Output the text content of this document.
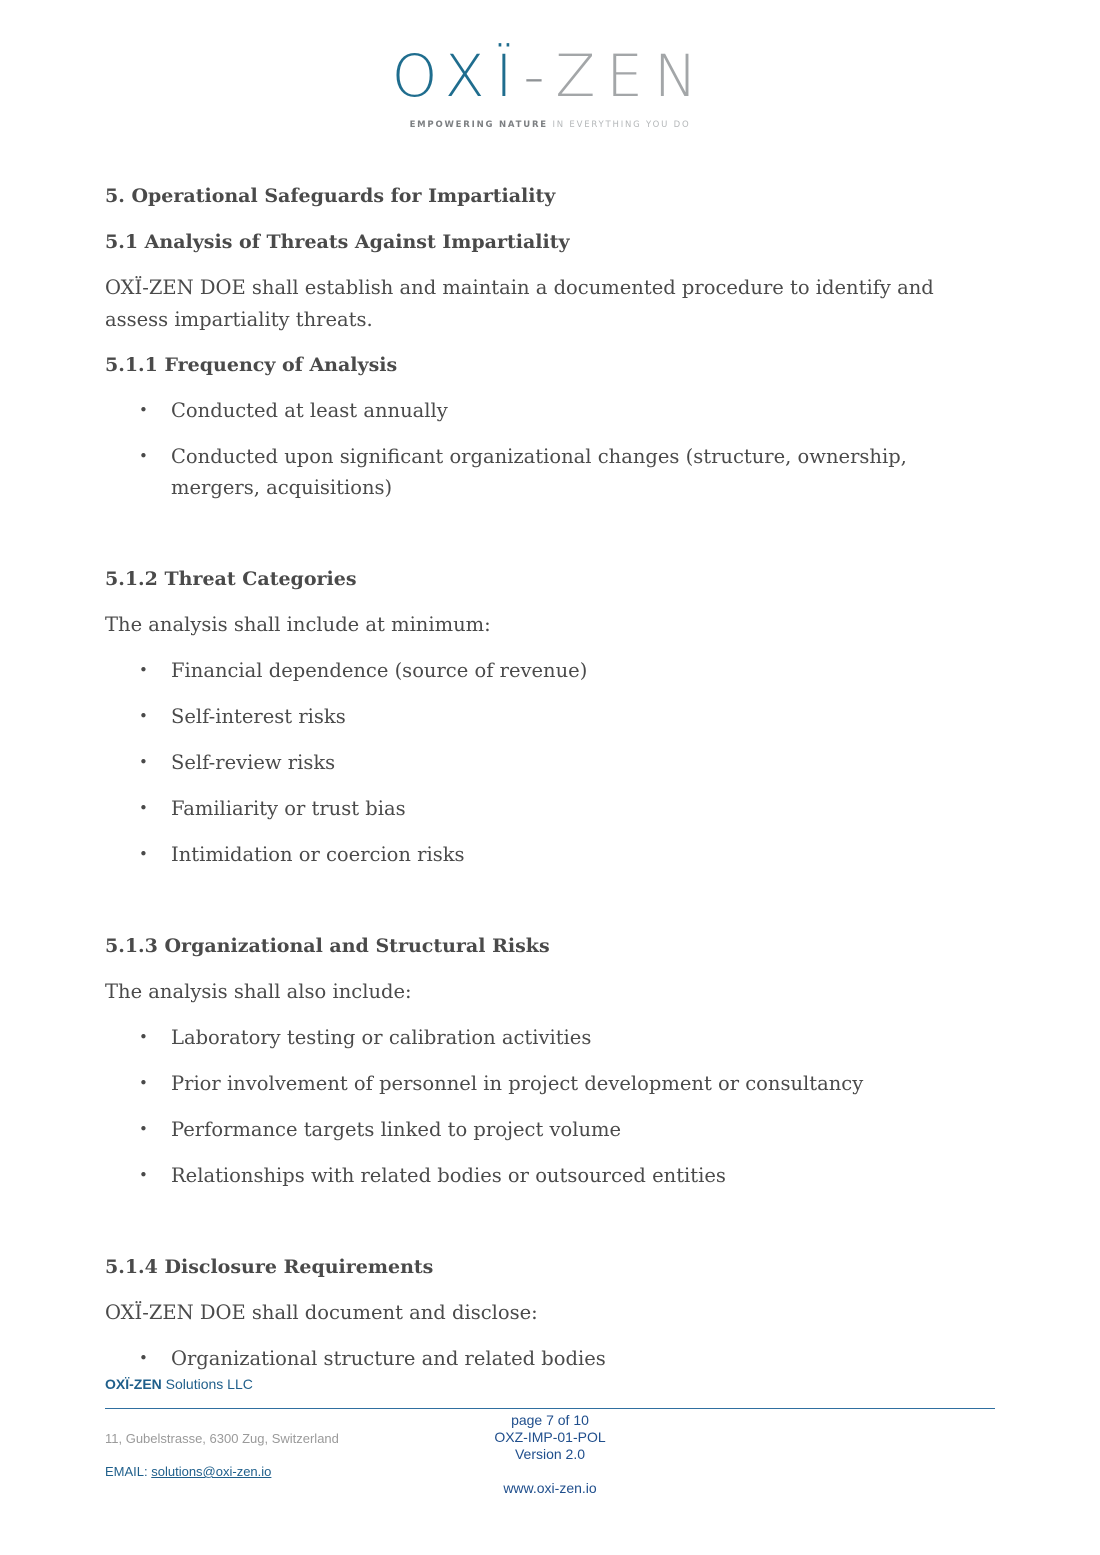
OXÏ-ZEN
EMPOWERING NATURE IN EVERYTHING YOU DO
5. Operational Safeguards for Impartiality
5.1 Analysis of Threats Against Impartiality

OXÏ-ZEN DOE shall establish and maintain a documented procedure to identify and assess impartiality threats.

5.1.1 Frequency of Analysis
• Conducted at least annually
• Conducted upon significant organizational changes (structure, ownership, mergers, acquisitions)
5.1.2 Threat Categories

The analysis shall include at minimum:

• Financial dependence (source of revenue)
• Self-interest risks
• Self-review risks
• Familiarity or trust bias
• Intimidation or coercion risks
5.1.3 Organizational and Structural Risks

The analysis shall also include:

• Laboratory testing or calibration activities
• Prior involvement of personnel in project development or consultancy
• Performance targets linked to project volume
• Relationships with related bodies or outsourced entities
5.1.4 Disclosure Requirements

OXÏ-ZEN DOE shall document and disclose:

• Organizational structure and related bodies
OXÏ-ZEN Solutions LLC
11, Gubelstrasse, 6300 Zug, Switzerland
EMAIL: solutions@oxi-zen.io
page 7 of 10
OXZ-IMP-01-POL
Version 2.0
www.oxi-zen.io
